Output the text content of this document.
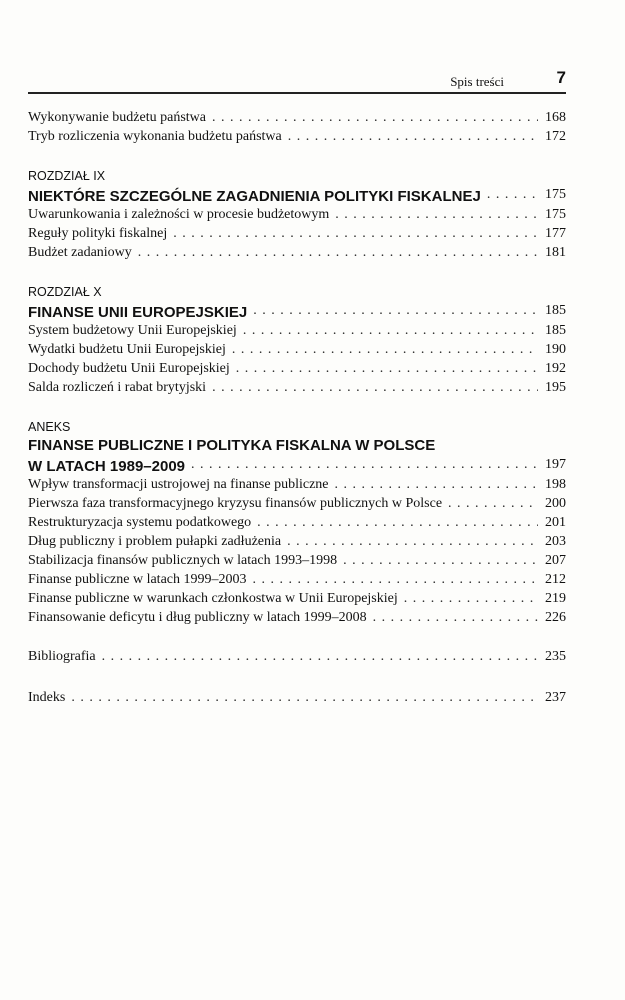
Spis treści	7
Wykonywanie budżetu państwa . . .	168
Tryb rozliczenia wykonania budżetu państwa . . .	172
ROZDZIAŁ IX
NIEKTÓRE SZCZEGÓLNE ZAGADNIENIA POLITYKI FISKALNEJ . . .	175
Uwarunkowania i zależności w procesie budżetowym . . .	175
Reguły polityki fiskalnej . . .	177
Budżet zadaniowy . . .	181
ROZDZIAŁ X
FINANSE UNII EUROPEJSKIEJ . . .	185
System budżetowy Unii Europejskiej . . .	185
Wydatki budżetu Unii Europejskiej . . .	190
Dochody budżetu Unii Europejskiej . . .	192
Salda rozliczeń i rabat brytyjski . . .	195
ANEKS
FINANSE PUBLICZNE I POLITYKA FISKALNA W POLSCE
W LATACH 1989–2009 . . .	197
Wpływ transformacji ustrojowej na finanse publiczne . . .	198
Pierwsza faza transformacyjnego kryzysu finansów publicznych w Polsce . . .	200
Restrukturyzacja systemu podatkowego . . .	201
Dług publiczny i problem pułapki zadłużenia . . .	203
Stabilizacja finansów publicznych w latach 1993–1998 . . .	207
Finanse publiczne w latach 1999–2003 . . .	212
Finanse publiczne w warunkach członkostwa w Unii Europejskiej . . .	219
Finansowanie deficytu i dług publiczny w latach 1999–2008 . . .	226
Bibliografia . . .	235
Indeks . . .	237
